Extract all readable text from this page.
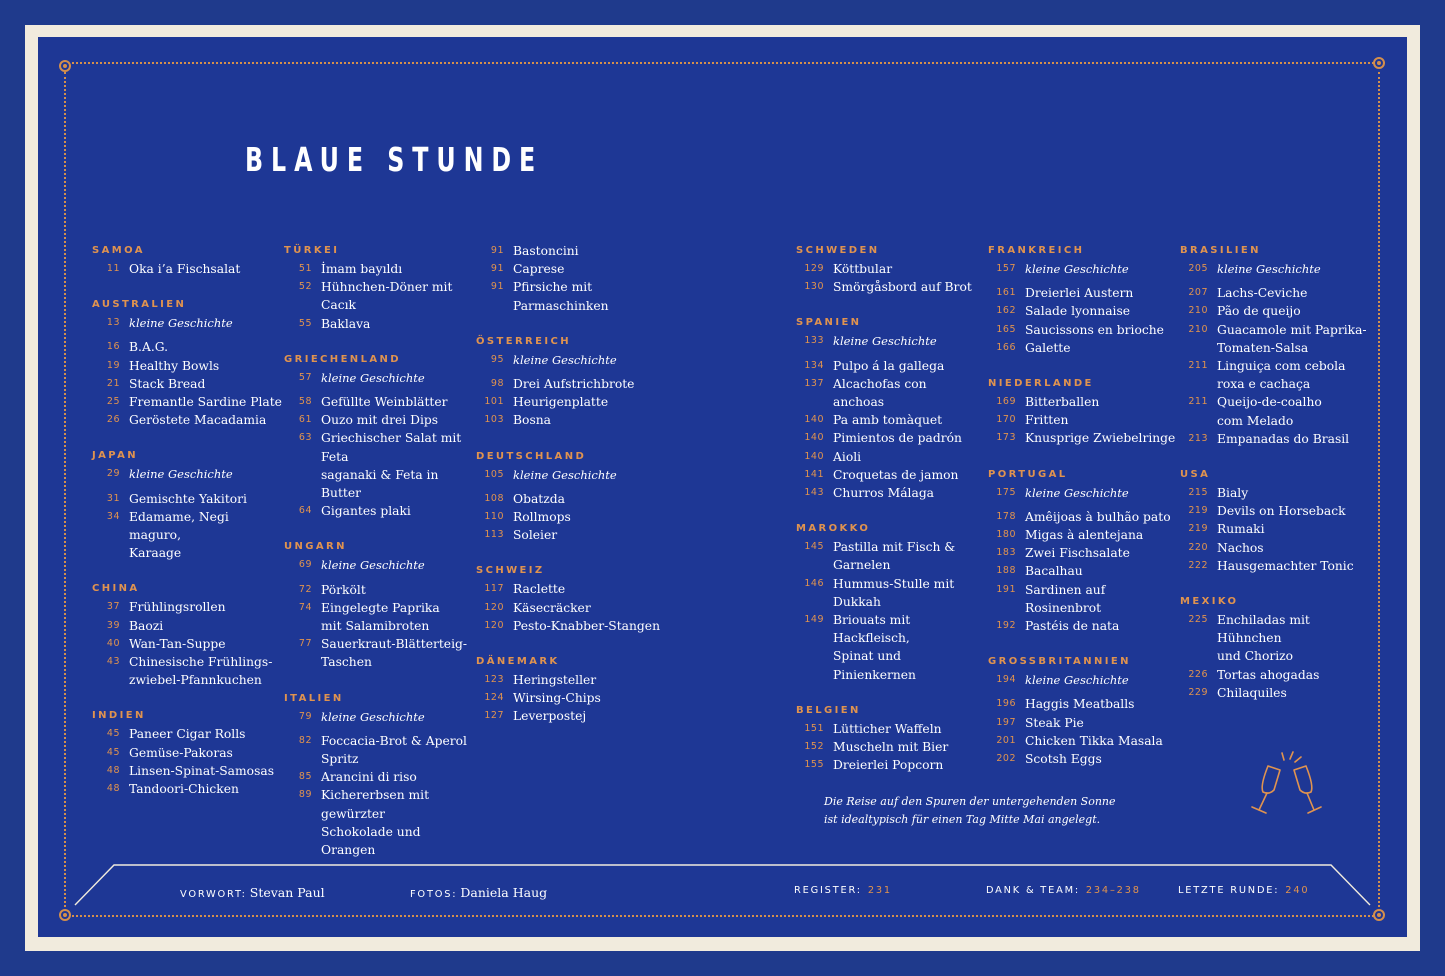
BLAUE STUNDE
SAMOA
11 Oka i’a Fischsalat
AUSTRALIEN
13 kleine Geschichte
16 B.A.G.
19 Healthy Bowls
21 Stack Bread
25 Fremantle Sardine Plate
26 Geröstete Macadamia
JAPAN
29 kleine Geschichte
31 Gemischte Yakitori
34 Edamame, Negi maguro,
Karaage
CHINA
37 Frühlingsrollen
39 Baozi
40 Wan-Tan-Suppe
43 Chinesische Frühlings-
zwiebel-Pfannkuchen
INDIEN
45 Paneer Cigar Rolls
45 Gemüse-Pakoras
48 Linsen-Spinat-Samosas
48 Tandoori-Chicken
TÜRKEI
51 İmam bayıldı
52 Hühnchen-Döner mit Cacık
55 Baklava
GRIECHENLAND
57 kleine Geschichte
58 Gefüllte Weinblätter
61 Ouzo mit drei Dips
63 Griechischer Salat mit Feta
saganaki & Feta in Butter
64 Gigantes plaki
UNGARN
69 kleine Geschichte
72 Pörkölt
74 Eingelegte Paprika
mit Salamibroten
77 Sauerkraut-Blätterteig-
Taschen
ITALIEN
79 kleine Geschichte
82 Foccacia-Brot & Aperol
Spritz
85 Arancini di riso
89 Kichererbsen mit gewürzter
Schokolade und Orangen
91 Bastoncini
91 Caprese
91 Pfirsiche mit Parmaschinken
ÖSTERREICH
95 kleine Geschichte
98 Drei Aufstrichbrote
101 Heurigenplatte
103 Bosna
DEUTSCHLAND
105 kleine Geschichte
108 Obatzda
110 Rollmops
113 Soleier
SCHWEIZ
117 Raclette
120 Käsecräcker
120 Pesto-Knabber-Stangen
DÄNEMARK
123 Heringsteller
124 Wirsing-Chips
127 Leverpostej
SCHWEDEN
129 Köttbular
130 Smörgåsbord auf Brot
SPANIEN
133 kleine Geschichte
134 Pulpo á la gallega
137 Alcachofas con anchoas
140 Pa amb tomàquet
140 Pimientos de padrón
140 Aioli
141 Croquetas de jamon
143 Churros Málaga
MAROKKO
145 Pastilla mit Fisch &
Garnelen
146 Hummus-Stulle mit
Dukkah
149 Briouats mit Hackfleisch,
Spinat und Pinienkernen
BELGIEN
151 Lütticher Waffeln
152 Muscheln mit Bier
155 Dreierlei Popcorn
FRANKREICH
157 kleine Geschichte
161 Dreierlei Austern
162 Salade lyonnaise
165 Saucissons en brioche
166 Galette
NIEDERLANDE
169 Bitterballen
170 Fritten
173 Knusprige Zwiebelringe
PORTUGAL
175 kleine Geschichte
178 Amêijoas à bulhão pato
180 Migas à alentejana
183 Zwei Fischsalate
188 Bacalhau
191 Sardinen auf Rosinenbrot
192 Pastéis de nata
GROSSBRITANNIEN
194 kleine Geschichte
196 Haggis Meatballs
197 Steak Pie
201 Chicken Tikka Masala
202 Scotsh Eggs
BRASILIEN
205 kleine Geschichte
207 Lachs-Ceviche
210 Pão de queijo
210 Guacamole mit Paprika-
Tomaten-Salsa
211 Linguiça com cebola
roxa e cachaça
211 Queijo-de-coalho
com Melado
213 Empanadas do Brasil
USA
215 Bialy
219 Devils on Horseback
219 Rumaki
220 Nachos
222 Hausgemachter Tonic
MEXIKO
225 Enchiladas mit Hühnchen
und Chorizo
226 Tortas ahogadas
229 Chilaquiles
Die Reise auf den Spuren der untergehenden Sonne
ist idealtypisch für einen Tag Mitte Mai angelegt.
VORWORT: Stevan Paul	FOTOS: Daniela Haug	REGISTER: 231	DANK & TEAM: 234–238	LETZTE RUNDE: 240
